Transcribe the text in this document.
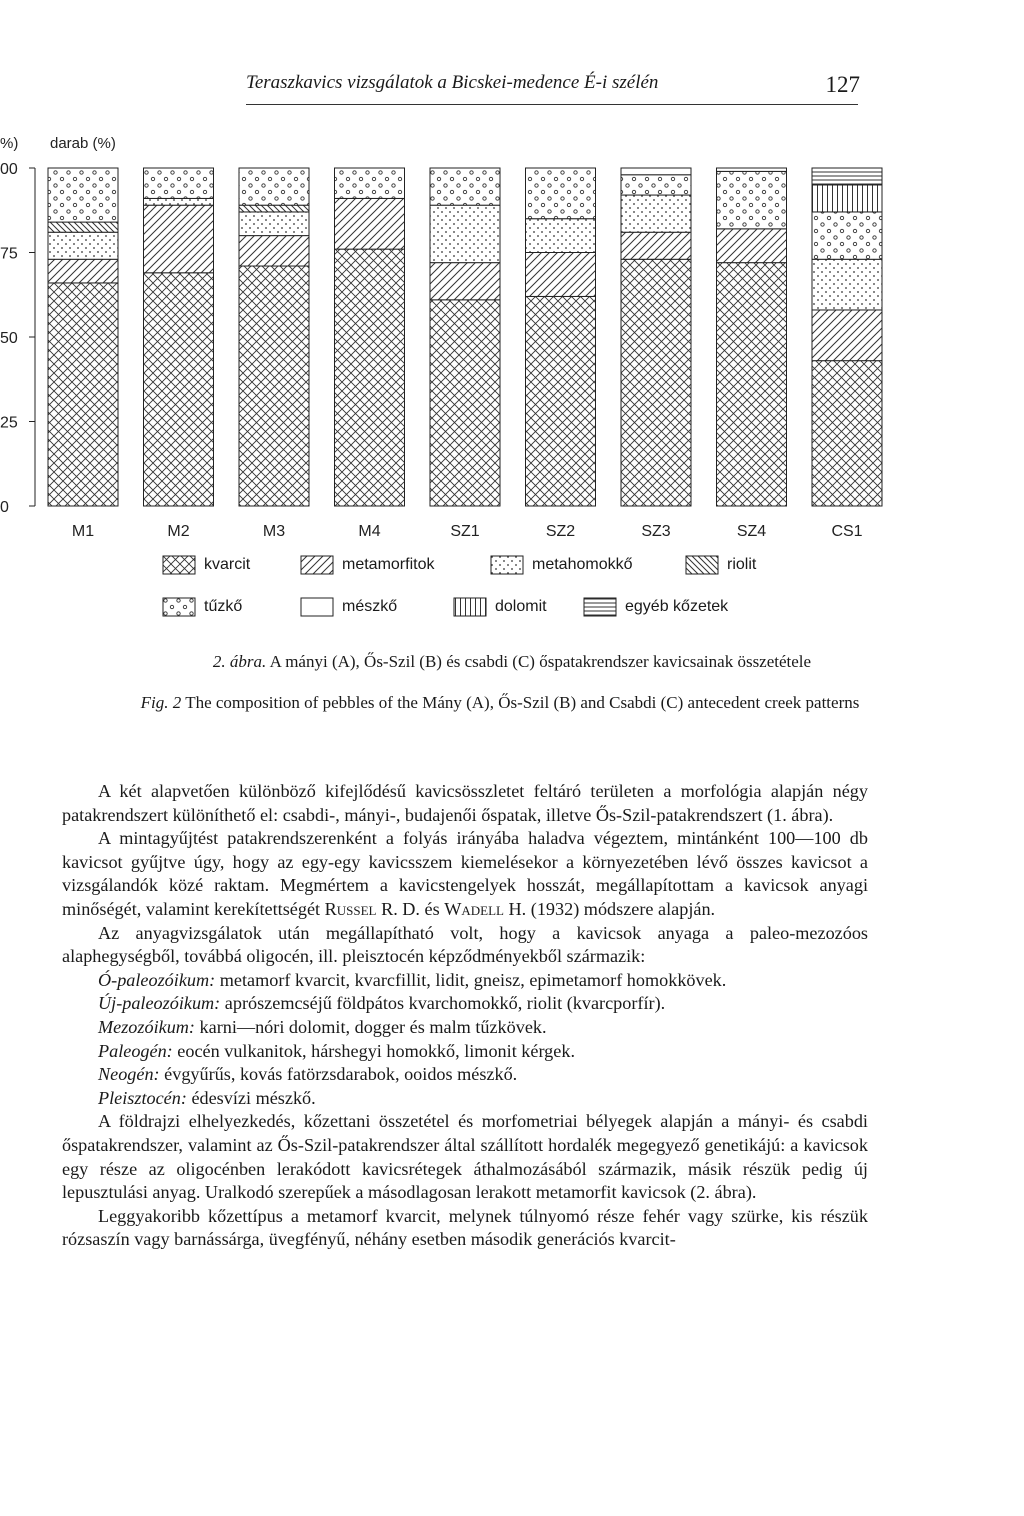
Teraszkavics vizsgálatok a Bicskei-medence É-i szélén	127
%) darab (%)
0
25
50
75
00
M1	M2	M3	M4	SZ1	SZ2	SZ3	SZ4	CS1
kvarcit	metamorfitok	metahomokkő	riolit
tűzkő	mészkő	dolomit	egyéb kőzetek
2. ábra. A mányi (A), Ős-Szil (B) és csabdi (C) őspatakrendszer kavicsainak összetétele
Fig. 2 The composition of pebbles of the Mány (A), Ős-Szil (B) and Csabdi (C) antecedent creek patterns

A két alapvetően különböző kifejlődésű kavicsösszletet feltáró területen a morfológia alapján négy patakrendszert különíthető el: csabdi-, mányi-, budajenői őspatak, illetve Ős-Szil-patakrendszert (1. ábra).

A mintagyűjtést patakrendszerenként a folyás irányába haladva végeztem, mintánként 100—100 db kavicsot gyűjtve úgy, hogy az egy-egy kavicsszem kiemelésekor a környezetében lévő összes kavicsot a vizsgálandók közé raktam. Megmértem a kavicstengelyek hosszát, megállapítottam a kavicsok anyagi minőségét, valamint kerekítettségét Russel R. D. és Wadell H. (1932) módszere alapján.

Az anyagvizsgálatok után megállapítható volt, hogy a kavicsok anyaga a paleo-mezozóos alaphegységből, továbbá oligocén, ill. pleisztocén képződményekből származik:

Ó-paleozóikum: metamorf kvarcit, kvarcfillit, lidit, gneisz, epimetamorf homokkövek.

Új-paleozóikum: aprószemcséjű földpátos kvarchomokkő, riolit (kvarcporfír).

Mezozóikum: karni—nóri dolomit, dogger és malm tűzkövek.

Paleogén: eocén vulkanitok, hárshegyi homokkő, limonit kérgek.

Neogén: évgyűrűs, kovás fatörzsdarabok, ooidos mészkő.

Pleisztocén: édesvízi mészkő.

A földrajzi elhelyezkedés, kőzettani összetétel és morfometriai bélyegek alapján a mányi- és csabdi őspatakrendszer, valamint az Ős-Szil-patakrendszer által szállított hordalék megegyező genetikájú: a kavicsok egy része az oligocénben lerakódott kavicsrétegek áthalmozásából származik, másik részük pedig új lepusztulási anyag. Uralkodó szerepűek a másodlagosan lerakott metamorfit kavicsok (2. ábra).

Leggyakoribb kőzettípus a metamorf kvarcit, melynek túlnyomó része fehér vagy szürke, kis részük rózsaszín vagy barnássárga, üvegfényű, néhány esetben második generációs kvarcit-
